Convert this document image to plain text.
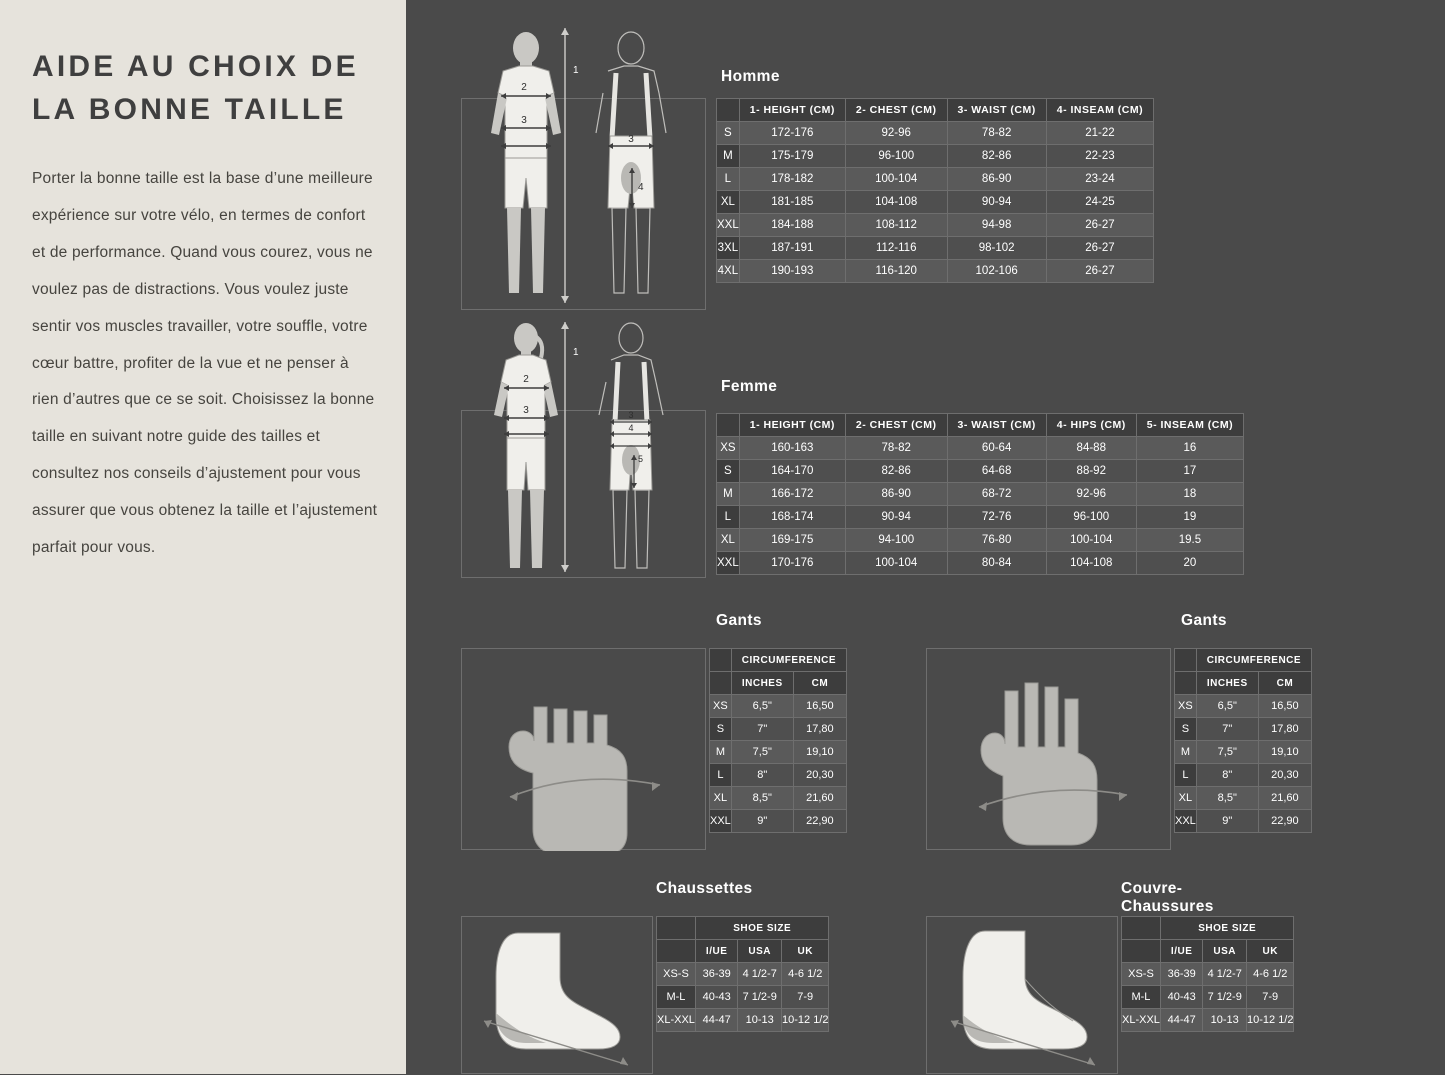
AIDE AU CHOIX DE LA BONNE TAILLE

Porter la bonne taille est la base d’une meilleure expérience sur votre vélo, en termes de confort et de performance. Quand vous courez, vous ne voulez pas de distractions. Vous voulez juste sentir vos muscles travailler, votre souffle, votre cœur battre, profiter de la vue et ne penser à rien d’autres que ce se soit. Choisissez la bonne taille en suivant notre guide des tailles et consultez nos conseils d’ajustement pour vous assurer que vous obtenez la taille et l’ajustement parfait pour vous.

Homme
2
3
1
3
4
	1- HEIGHT (CM)	2- CHEST (CM)	3- WAIST (CM)	4- INSEAM (CM)
S	172-176	92-96	78-82	21-22
M	175-179	96-100	82-86	22-23
L	178-182	100-104	86-90	23-24
XL	181-185	104-108	90-94	24-25
XXL	184-188	108-112	94-98	26-27
3XL	187-191	112-116	98-102	26-27
4XL	190-193	116-120	102-106	26-27
Femme
2
3
1
3
4
5
	1- HEIGHT (CM)	2- CHEST (CM)	3- WAIST (CM)	4- HIPS (CM)	5- INSEAM (CM)
XS	160-163	78-82	60-64	84-88	16
S	164-170	82-86	64-68	88-92	17
M	166-172	86-90	68-72	92-96	18
L	168-174	90-94	72-76	96-100	19
XL	169-175	94-100	76-80	100-104	19.5
XXL	170-176	100-104	80-84	104-108	20
Gants
	CIRCUMFERENCE	
	INCHES	CM
XS	6,5"	16,50
S	7"	17,80
M	7,5"	19,10
L	8"	20,30
XL	8,5"	21,60
XXL	9"	22,90
Gants
	CIRCUMFERENCE	
	INCHES	CM
XS	6,5"	16,50
S	7"	17,80
M	7,5"	19,10
L	8"	20,30
XL	8,5"	21,60
XXL	9"	22,90
Chaussettes
	SHOE SIZE		
	I/UE	USA	UK
XS-S	36-39	4 1/2-7	4-6 1/2
M-L	40-43	7 1/2-9	7-9
XL-XXL	44-47	10-13	10-12 1/2
Couvre-Chaussures
	SHOE SIZE		
	I/UE	USA	UK
XS-S	36-39	4 1/2-7	4-6 1/2
M-L	40-43	7 1/2-9	7-9
XL-XXL	44-47	10-13	10-12 1/2
